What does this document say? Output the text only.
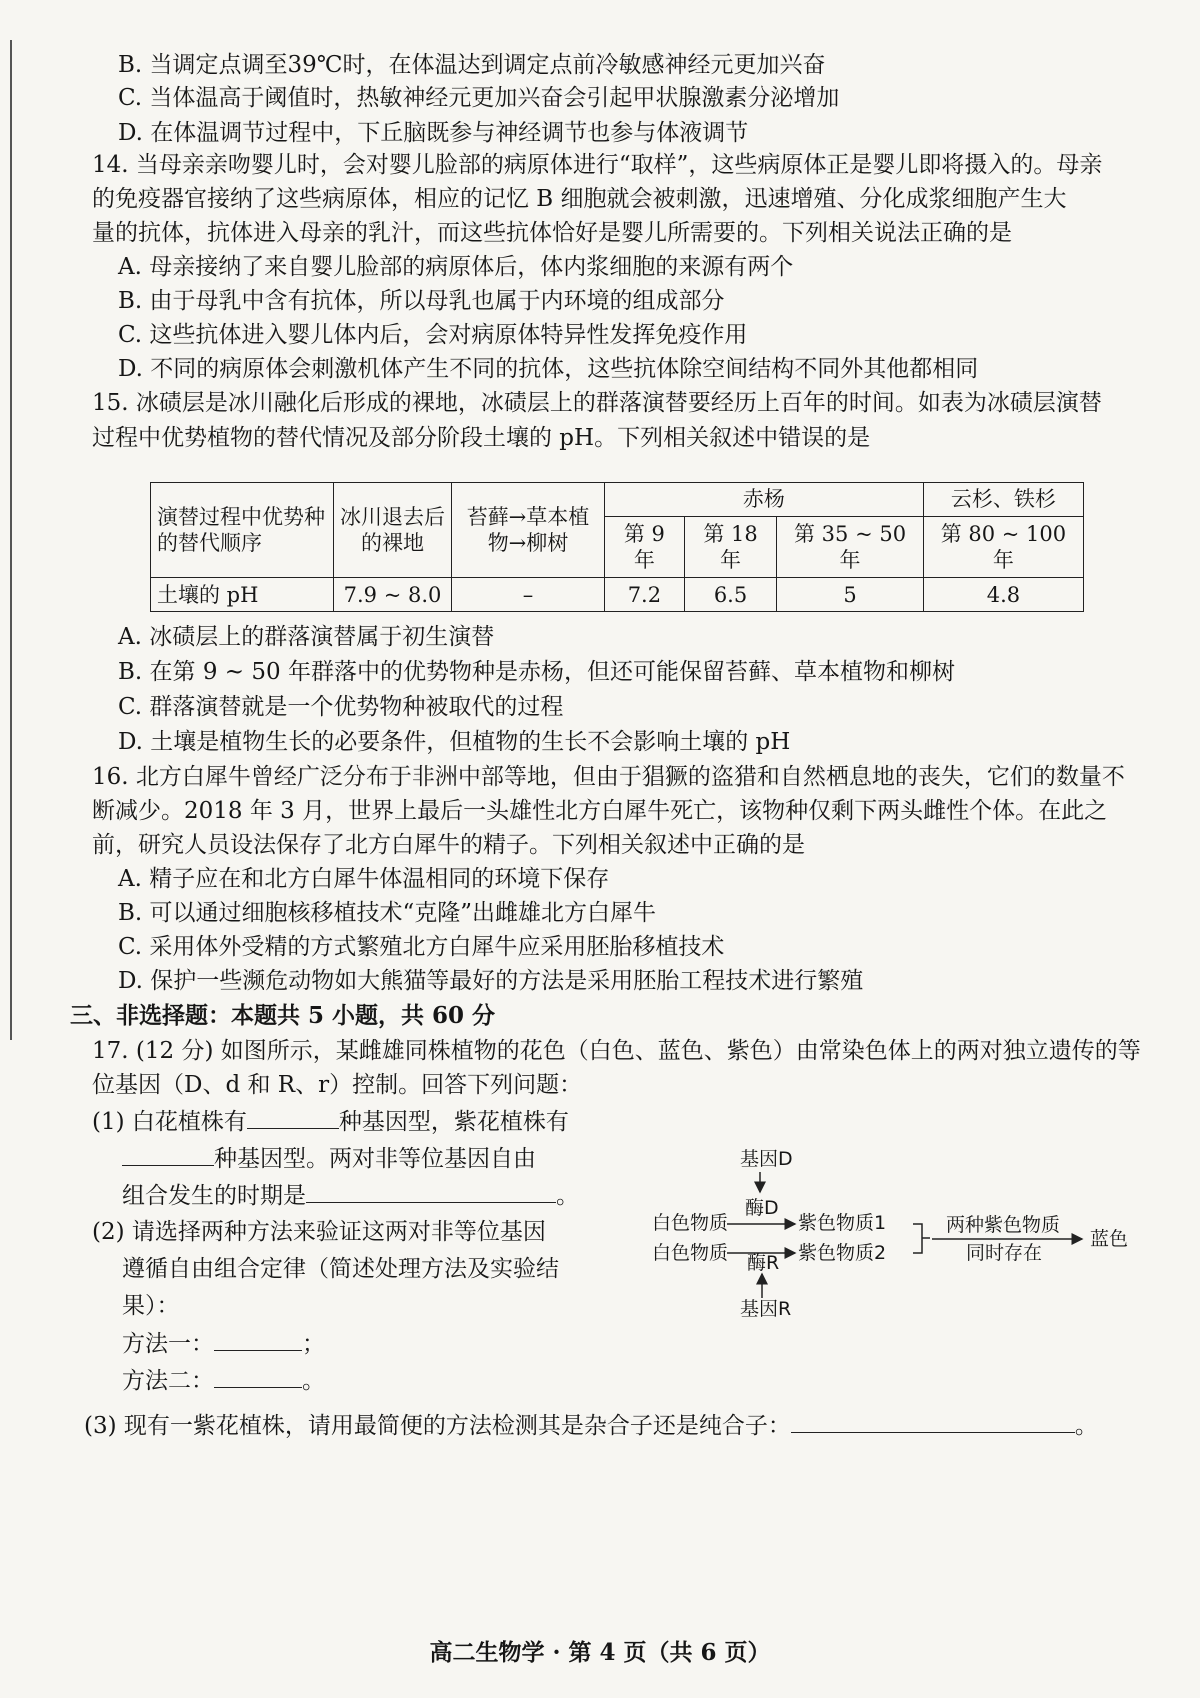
B. 当调定点调至39℃时，在体温达到调定点前冷敏感神经元更加兴奋
C. 当体温高于阈值时，热敏神经元更加兴奋会引起甲状腺激素分泌增加
D. 在体温调节过程中，下丘脑既参与神经调节也参与体液调节
14. 当母亲亲吻婴儿时，会对婴儿脸部的病原体进行“取样”，这些病原体正是婴儿即将摄入的。母亲
的免疫器官接纳了这些病原体，相应的记忆 B 细胞就会被刺激，迅速增殖、分化成浆细胞产生大
量的抗体，抗体进入母亲的乳汁，而这些抗体恰好是婴儿所需要的。下列相关说法正确的是
A. 母亲接纳了来自婴儿脸部的病原体后，体内浆细胞的来源有两个
B. 由于母乳中含有抗体，所以母乳也属于内环境的组成部分
C. 这些抗体进入婴儿体内后，会对病原体特异性发挥免疫作用
D. 不同的病原体会刺激机体产生不同的抗体，这些抗体除空间结构不同外其他都相同
15. 冰碛层是冰川融化后形成的裸地，冰碛层上的群落演替要经历上百年的时间。如表为冰碛层演替
过程中优势植物的替代情况及部分阶段土壤的 pH。下列相关叙述中错误的是
演替过程中优势种的替代顺序	冰川退去后的裸地	苔藓→草本植物→柳树	赤杨			云杉、铁杉
			第 9 年	第 18 年	第 35 ~ 50 年	第 80 ~ 100 年
土壤的 pH	7.9 ~ 8.0	–	7.2	6.5	5	4.8
A. 冰碛层上的群落演替属于初生演替
B. 在第 9 ~ 50 年群落中的优势物种是赤杨，但还可能保留苔藓、草本植物和柳树
C. 群落演替就是一个优势物种被取代的过程
D. 土壤是植物生长的必要条件，但植物的生长不会影响土壤的 pH
16. 北方白犀牛曾经广泛分布于非洲中部等地，但由于猖獗的盗猎和自然栖息地的丧失，它们的数量不
断减少。2018 年 3 月，世界上最后一头雄性北方白犀牛死亡，该物种仅剩下两头雌性个体。在此之
前，研究人员设法保存了北方白犀牛的精子。下列相关叙述中正确的是
A. 精子应在和北方白犀牛体温相同的环境下保存
B. 可以通过细胞核移植技术“克隆”出雌雄北方白犀牛
C. 采用体外受精的方式繁殖北方白犀牛应采用胚胎移植技术
D. 保护一些濒危动物如大熊猫等最好的方法是采用胚胎工程技术进行繁殖
三、非选择题：本题共 5 小题，共 60 分
17. (12 分) 如图所示，某雌雄同株植物的花色（白色、蓝色、紫色）由常染色体上的两对独立遗传的等
位基因（D、d 和 R、r）控制。回答下列问题：
(1) 白花植株有	种基因型，紫花植株有
种基因型。两对非等位基因自由
组合发生的时期是	。
(2) 请选择两种方法来验证这两对非等位基因
遵循自由组合定律（简述处理方法及实验结
果）：
方法一：	；
方法二：	。
(3) 现有一紫花植株，请用最简便的方法检测其是杂合子还是纯合子：	。
基因D
酶D
白色物质
白色物质
紫色物质1
紫色物质2
两种紫色物质
同时存在
蓝色
酶R
基因R
高二生物学 · 第 4 页（共 6 页）
